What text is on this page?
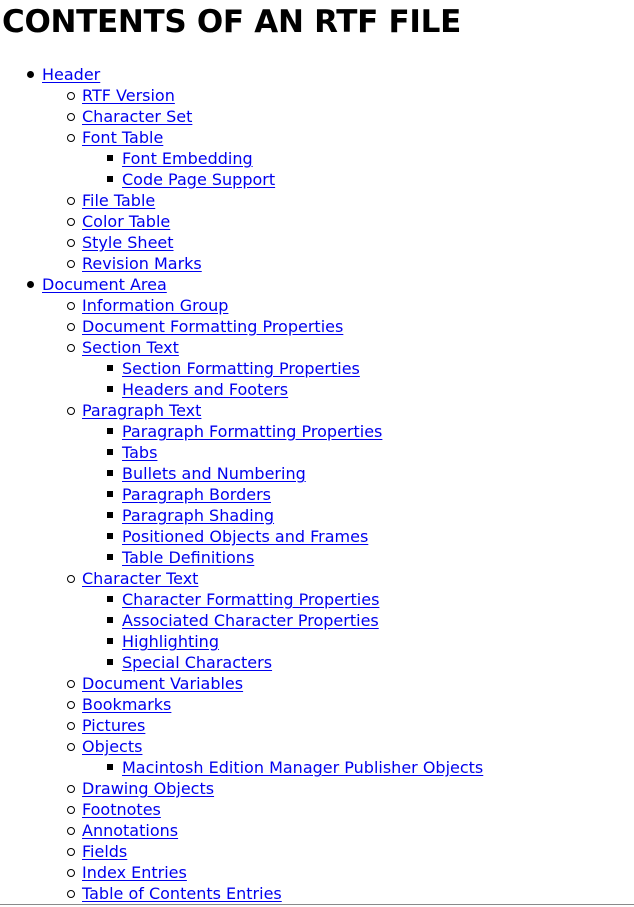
CONTENTS OF AN RTF FILE
Header
RTF Version
Character Set
Font Table
Font Embedding
Code Page Support
File Table
Color Table
Style Sheet
Revision Marks
Document Area
Information Group
Document Formatting Properties
Section Text
Section Formatting Properties
Headers and Footers
Paragraph Text
Paragraph Formatting Properties
Tabs
Bullets and Numbering
Paragraph Borders
Paragraph Shading
Positioned Objects and Frames
Table Definitions
Character Text
Character Formatting Properties
Associated Character Properties
Highlighting
Special Characters
Document Variables
Bookmarks
Pictures
Objects
Macintosh Edition Manager Publisher Objects
Drawing Objects
Footnotes
Annotations
Fields
Index Entries
Table of Contents Entries
